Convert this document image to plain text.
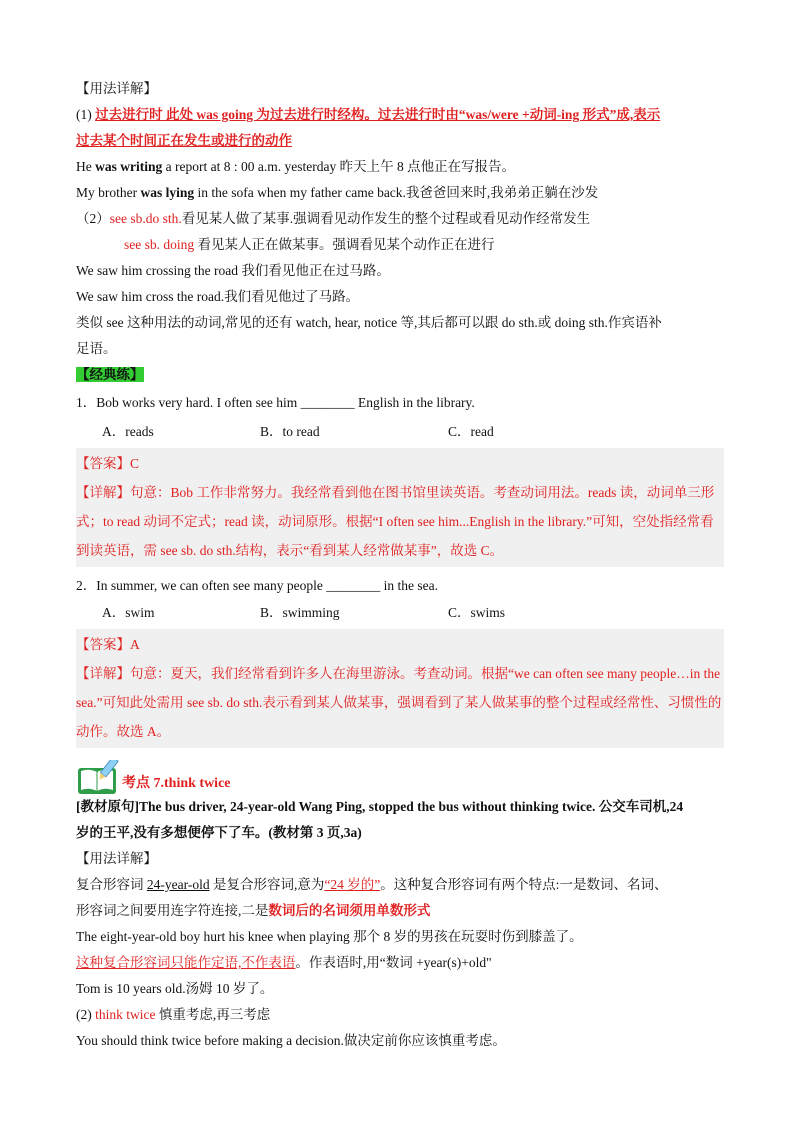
【用法详解】
(1) 过去进行时 此处 was going 为过去进行时经构。过去进行时由“was/were +动词-ing 形式”成,表示
过去某个时间正在发生或进行的动作
He was writing a report at 8 : 00 a.m. yesterday 昨天上午 8 点他正在写报告。
My brother was lying in the sofa when my father came back.我爸爸回来时,我弟弟正躺在沙发
（2）see sb.do sth.看见某人做了某事.强调看见动作发生的整个过程或看见动作经常发生
see sb. doing 看见某人正在做某事。强调看见某个动作正在进行
We saw him crossing the road 我们看见他正在过马路。
We saw him cross the road.我们看见他过了马路。
类似 see 这种用法的动词,常见的还有 watch, hear, notice 等,其后都可以跟 do sth.或 doing sth.作宾语补
足语。
【经典练】
1．Bob works very hard. I often see him ________ English in the library.
A．reads	B．to read	C．read
【答案】C
【详解】句意：Bob 工作非常努力。我经常看到他在图书馆里读英语。考查动词用法。reads 读，动词单三形式；to read 动词不定式；read 读，动词原形。根据“I often see him...English in the library.”可知，空处指经常看到读英语，需 see sb. do sth.结构，表示“看到某人经常做某事”，故选 C。
2．In summer, we can often see many people ________ in the sea.
A．swim	B．swimming	C．swims
【答案】A
【详解】句意：夏天，我们经常看到许多人在海里游泳。考查动词。根据“we can often see many people…in the sea.”可知此处需用 see sb. do sth.表示看到某人做某事，强调看到了某人做某事的整个过程或经常性、习惯性的动作。故选 A。
考点 7.think twice
[教材原句]The bus driver, 24-year-old Wang Ping, stopped the bus without thinking twice. 公交车司机,24
岁的王平,没有多想便停下了车。(教材第 3 页,3a)
【用法详解】
复合形容词 24-year-old 是复合形容词,意为“24 岁的”。这种复合形容词有两个特点:一是数词、名词、
形容词之间要用连字符连接,二是数词后的名词须用单数形式
The eight-year-old boy hurt his knee when playing 那个 8 岁的男孩在玩耍时伤到膝盖了。
这种复合形容词只能作定语,不作表语。作表语时,用“数词 +year(s)+old"
Tom is 10 years old.汤姆 10 岁了。
(2) think twice 慎重考虑,再三考虑
You should think twice before making a decision.做决定前你应该慎重考虑。
